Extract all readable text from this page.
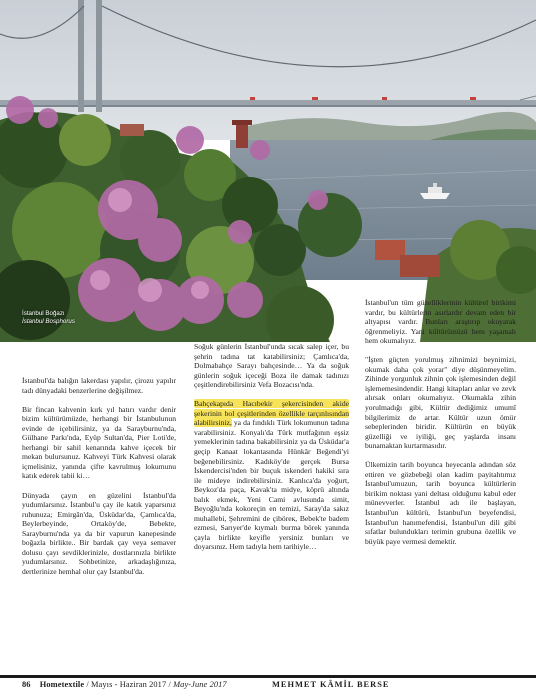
İstanbul Boğazı
İstanbul Bosphorus

İstanbul'da balığın lakerdası yapılır, çirozu yapılır tadı dünyadaki benzerlerine değişilmez.

Bir fincan kahvenin kırk yıl hatırı vardır denir bizim kültürümüzde, herhangi bir İstanbulunun evinde de içebilirsiniz, ya da Sarayburnu'nda, Gülhane Parkı'nda, Eyüp Sultan'da, Pier Loti'de, herhangi bir sahil kenarında kahve içecek bir mekan bulursunuz. Kahveyi Türk Kahvesi olarak içmelisiniz, yanında çifte kavrulmuş lokumunu katık ederek tabii ki…

Dünyada çayın en güzelini İstanbul'da yudumlarsınız. İstanbul'u çay ile katık yaparsınız ruhunuza; Emirgân'da, Üsküdar'da, Çamlıca'da, Beylerbeyinde, Ortaköy'de, Bebekte, Sarayburnu'nda ya da bir vapurun kanepesinde boğazla birlikte.. Bir bardak çay veya semaver dolusu çayı sevdiklerinizle, dostlarınızla birlikte yudumlarsınız. Sohbetinize, arkadaşlığınıza, dertlerinize hemhal olur çay İstanbul'da.

Soğuk günlerin İstanbul'unda sıcak salep içer, bu şehrin tadına tat katabilirsiniz; Çamlıca'da, Dolmabahçe Sarayı bahçesinde… Ya da soğuk günlerin soğuk içeceği Boza ile damak tadınızı çeşitlendirebilirsiniz Vefa Bozacısı'nda.

Bahçekapıda Hacıbekir şekercisinden akide şekerinin bol çeşitlerinden özellikle tarçınlısından alabilirsiniz, ya da fındıklı Türk lokumunun tadına varabilirsiniz. Konyalı'da Türk mutfağının eşsiz yemeklerinin tadına bakabilirsiniz ya da Üsküdar'a geçip Kanaat lokantasında Hünkâr Beğendi'yi beğenebilirsiniz. Kadıköy'de gerçek Bursa İskendercisi'nden bir buçuk iskenderi hakiki sıra ile mideye indirebilirsiniz. Kanlıca'da yoğurt, Beykoz'da paça, Kavak'ta midye, köprü altında balık ekmek, Yeni Cami avlusunda simit, Beyoğlu'nda kokoreçin en temizi, Saray'da sakız muhallebi, Şehremini de çiböreк, Bebek'te badem ezmesi, Sarıyer'de kıymalı burma börek yanında çayla birlikte keyifle yersiniz bunları ve doyarsınız. Hem tadıyla hem tarihiyle…

İstanbul'un tüm güzelliklerinin kültürel birikimi vardır, bu kültürlerin asırlardır devam eden bir altyapısı vardır. Bunları araştırıp okuyarak öğrenmeliyiz. Yani kültürümüzü hem yaşamalı hem okumalıyız.

"İşten güçten yorulmuş zihnimizi beynimizi, okumak daha çok yorar" diye düşünmeyelim. Zihinde yorgunluk zihnin çok işlemesinden değil işlememesindendir. Hangi kitapları anlar ve zevk alırsak onları okumalıyız. Okumakla zihin yorulmadığı gibi, Kültür dediğimiz umumî bilgilerimiz de artar. Kültür uzun ömür sebeplerinden biridir. Kültürün en büyük güzelliği ve iyiliği, geç yaşlarda insanı bunamaktan kurtarmasıdır.

Ülkemizin tarih boyunca heyecanla adından söz ettiren ve gözbebeği olan kadim payitahtımız İstanbul'umuzun, tarih boyunca kültürlerin birikim noktası yani deltası olduğunu kabul eder münevverler. İstanbul adı ile başlayan, İstanbul'un kültürü, İstanbul'un beyefendisi, İstanbul'un hanımefendisi, İstanbul'un dili gibi sıfatlar bulundukları terimin grubuna özellik ve büyük paye vermesi demektir.

86 Hometextile / Mayıs - Haziran 2017 / May-June 2017	MEHMET KÂMİL BERSE
